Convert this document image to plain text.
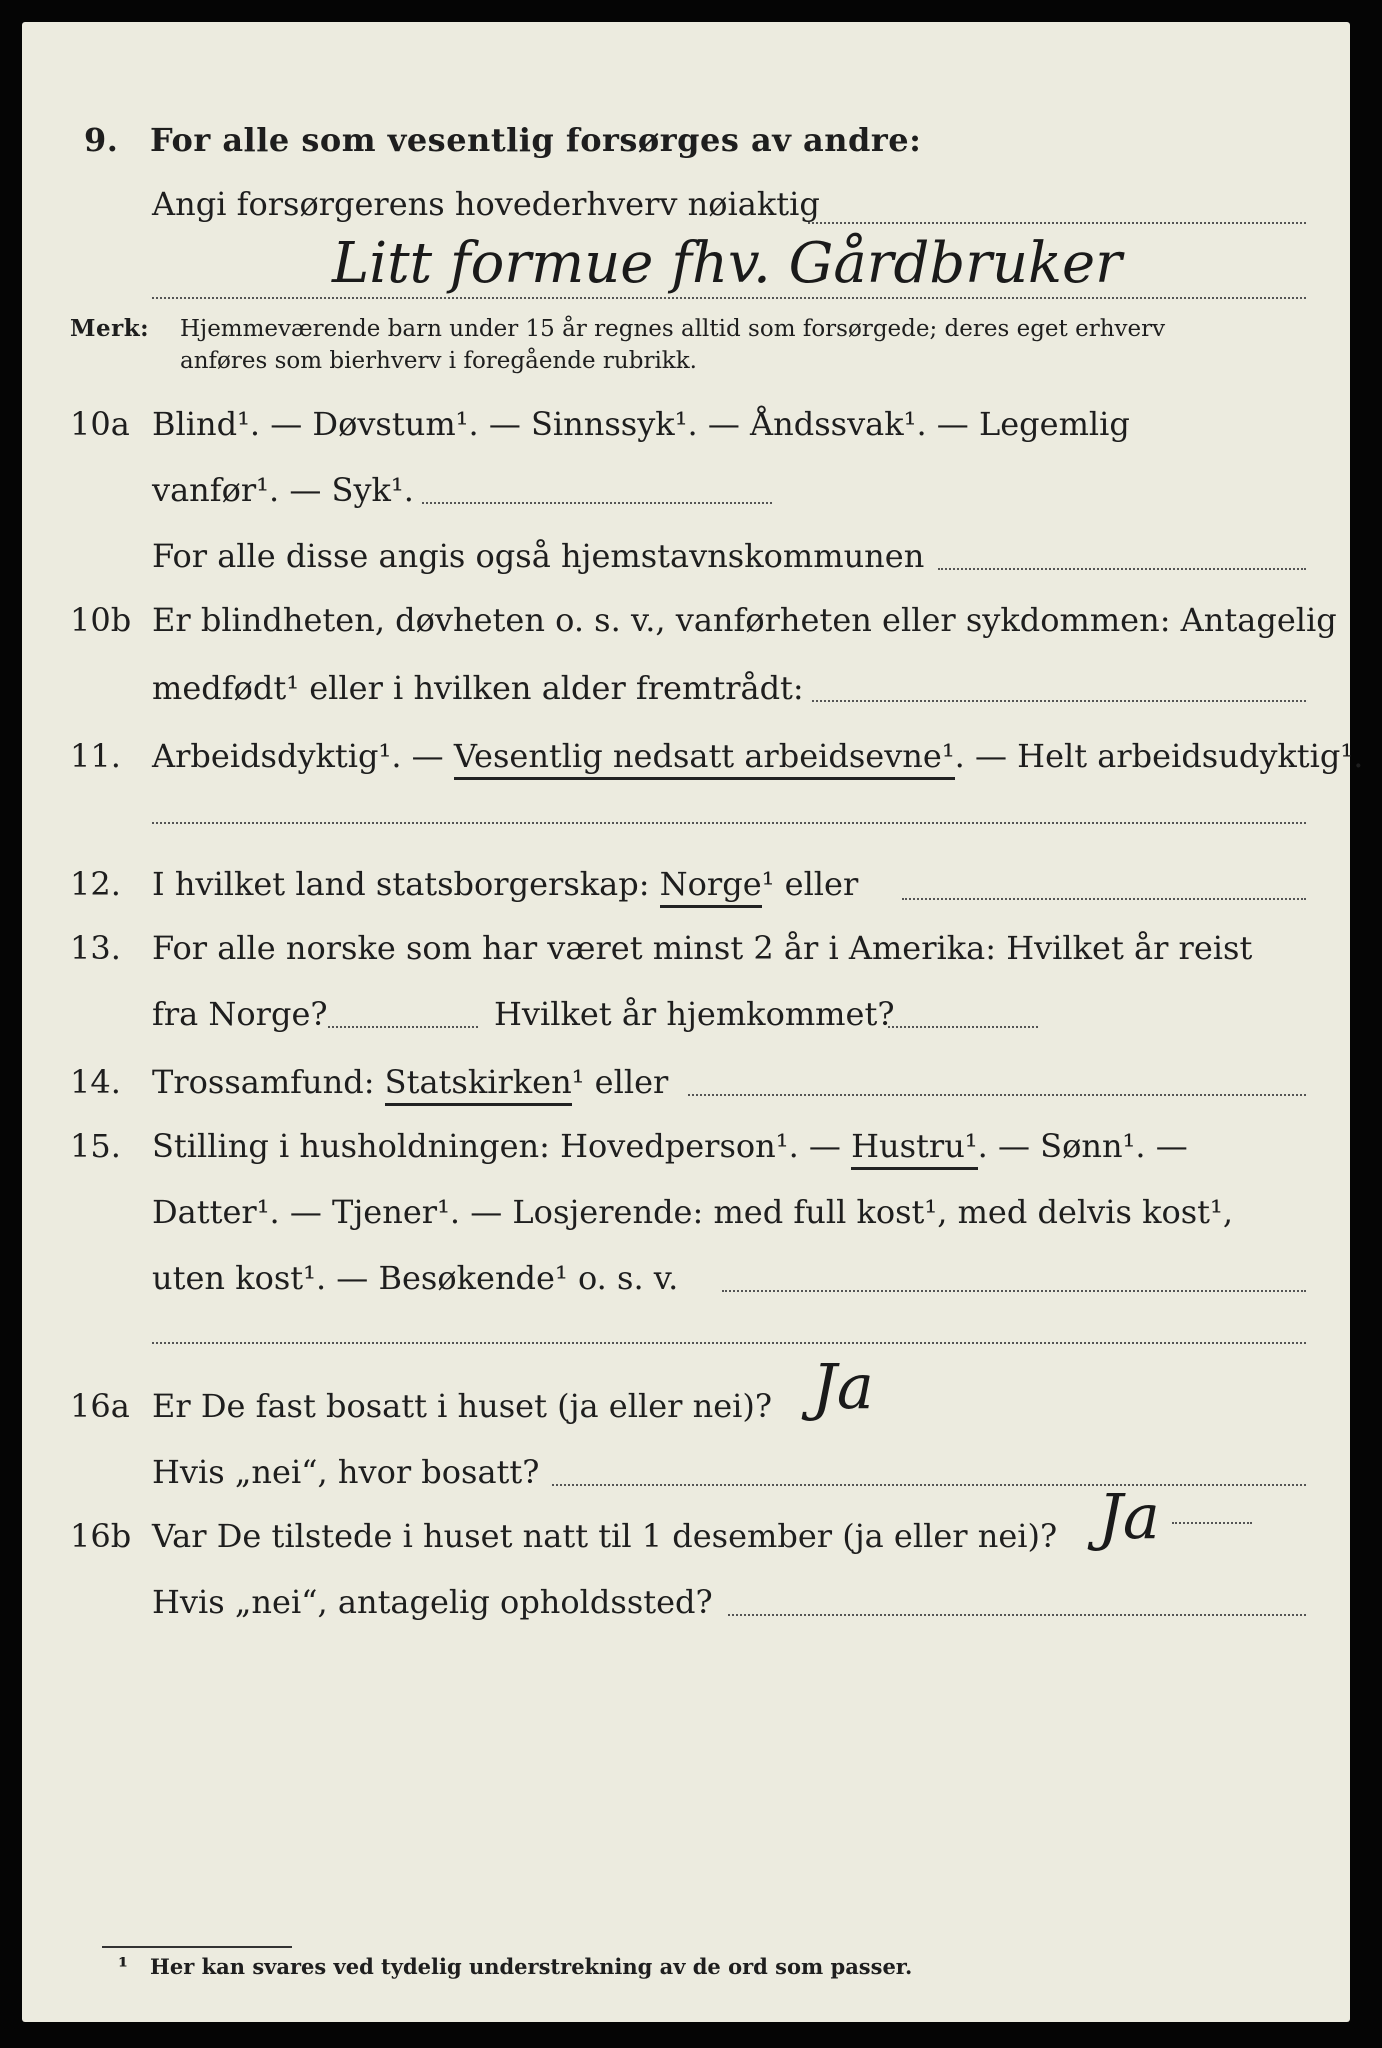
9. For alle som vesentlig forsørges av andre:
Angi forsørgerens hovederhverv nøiaktig
Litt formue fhv. Gårdbruker
Merk: Hjemmeværende barn under 15 år regnes alltid som forsørgede; deres eget erhverv
anføres som bierhverv i foregående rubrikk.
10a Blind¹. — Døvstum¹. — Sinnssyk¹. — Åndssvak¹. — Legemlig
vanfør¹. — Syk¹.
For alle disse angis også hjemstavnskommunen
10b Er blindheten, døvheten o. s. v., vanførheten eller sykdommen: Antagelig
medfødt¹ eller i hvilken alder fremtrådt:
11. Arbeidsdyktig¹. — Vesentlig nedsatt arbeidsevne¹. — Helt arbeidsudyktig¹.
12. I hvilket land statsborgerskap: Norge¹ eller
13. For alle norske som har været minst 2 år i Amerika: Hvilket år reist
fra Norge?	Hvilket år hjemkommet?
14. Trossamfund: Statskirken¹ eller
15. Stilling i husholdningen: Hovedperson¹. — Hustru¹. — Sønn¹. —
Datter¹. — Tjener¹. — Losjerende: med full kost¹, med delvis kost¹,
uten kost¹. — Besøkende¹ o. s. v.
16a Er De fast bosatt i huset (ja eller nei)? Ja
Hvis „nei“, hvor bosatt?
16b Var De tilstede i huset natt til 1 desember (ja eller nei)? Ja
Hvis „nei“, antagelig opholdssted?
¹ Her kan svares ved tydelig understrekning av de ord som passer.
